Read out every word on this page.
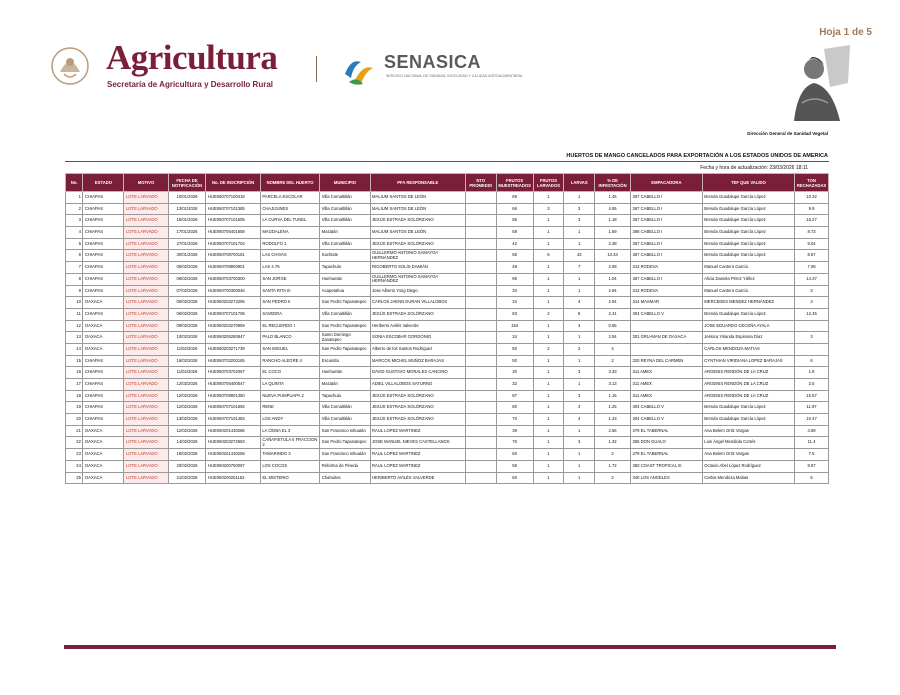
Hoja 1 de 5
Agricultura
Secretaría de Agricultura y Desarrollo Rural
SENASICA
SERVICIO NACIONAL DE SANIDAD, INOCUIDAD Y CALIDAD AGROALIMENTARIA
Dirección General de Sanidad Vegetal
HUERTOS DE MANGO CANCELADOS PARA EXPORTACIÓN A LOS ESTADOS UNIDOS DE AMERICA
Fecha y hora de actualización: 23/03/2026 18:11
No.	ESTADO	MOTIVO	FECHA DE NOTIFICACIÓN	No. DE INSCRIPCIÓN	NOMBRE DEL HUERTO	MUNICIPIO	PFA RESPONSABLE	NTO PROMEDIO	FRUTOS MUESTREADOS	FRUTOS LARVADOS	LARVAS	% DE INFESTACIÓN	EMPACADORA	TEF QUE VALIDO	TON RECHAZADAS
1	CHIAPAS	LOTE LARVADO	10/01/2026	HUE060707100418	PARCELA ESCOLAR	Villa Comaltitlán	MALIUM SANTOS DE LEÓN		69	1	1	1.45	367 CABELLO I	Brenda Guadalupe García López	10.32
2	CHIAPAS	LOTE LARVADO	13/01/2026	HUE060707101385	CHAJIJUNES	Villa Comaltitlán	MALIUM SANTOS DE LEÓN		66	3	3	4.55	367 CABELLO I	Brenda Guadalupe García López	9.9
3	CHIAPAS	LOTE LARVADO	15/01/2026	HUE060707101505	LA CURVA DEL TUNEL	Villa Comaltitlán	JESÚS ESTRADA SOLÓRZANO		85	1	3	1.18	367 CABELLO I	Brenda Guadalupe García López	15.27
4	CHIAPAS	LOTE LARVADO	17/01/2026	HUE060705401658	MAGDALENA	Mazatán	MALIUM SANTOS DE LEÓN		59	1	1	1.69	368 CABELLO I	Brenda Guadalupe García López	8.73
5	CHIAPAS	LOTE LARVADO	27/01/2026	HUE060707101704	RODOLFO 1	Villa Comaltitlán	JESÚS ESTRADA SOLÓRZANO		42	1	1	2.38	367 CABELLO I	Brenda Guadalupe García López	5.04
6	CHIAPAS	LOTE LARVADO	30/01/2026	HUE060708700181	LAS CHIVAS	Suchiate	GUILLERMO ANTONIO SAMAYOA HERNÁNDEZ		58	6	43	10.34	367 CABELLO I	Brenda Guadalupe García López	8.67
7	CHIAPAS	LOTE LARVADO	05/02/2026	HUE060708900901	LAS 4.75	Tapachula	RIGOBERTO SOLÍS DAMIÁN		48	1	7	2.08	312 RODEVA	Manuel Cantero García	7.08
8	CHIAPAS	LOTE LARVADO	06/02/2026	HUE060703700300	SAN JORGE	Huehuetán	GUILLERMO ANTONIO SAMAYOA HERNÁNDEZ		96	1	1	1.04	367 CABELLO I	Alicia Daniela Pérez Yáñez	14.37
9	CHIAPAS	LOTE LARVADO	07/02/2026	HUE060700300046	SANTA RITA III	Acapetahua	Jose Alberto Yong Diego		34	1	1	2.94	312 RODEVA	Manuel Cantero García	3
10	OAXACA	LOTE LARVADO	05/02/2026	HUE060203272295	SAN PEDRO II	San Pedro Tapanatepec	CARLOS JAENN DURAN VILLALOBOS		34	1	4	2.94	314 MASMAR	MERCEDES MENDEZ HERNÁNDEZ	3
11	CHIAPAS	LOTE LARVADO	06/02/2026	HUE060707101708	SAVEDRA	Villa Comaltitlán	JESÚS ESTRADA SOLÓRZANO		83	2	8	2.41	304 CABELLO V	Brenda Guadalupe García López	12.45
12	OAXACA	LOTE LARVADO	09/02/2026	HUE060203270959	EL RECUERDO I	San Pedro Tapanatepec	Heriberto Avilés Valverde		154	1	3	0.65		JOSE EDUARDO CECEÑA AYALA	
13	OAXACA	LOTE LARVADO	10/02/2026	HUE060205250847	PALO BLANCO	Santo Domingo Zanatepec	SONIA ESCOBAR GORGONIO		34	1	1	2.94	301 GRU-MAN DE OAXACA	Jessica Yolanda Espinosa Díaz	3
14	OAXACA	LOTE LARVADO	11/02/2026	HUE060203271739	SAN MIGUEL	San Pedro Tapanatepec	Alberto de los Santos Rodríguez		50	2	2	4		CARLOS MENDOZA MATIAS	
15	CHIAPAS	LOTE LARVADO	16/02/2026	HUE060703200165	RANCHO ALEGRE 4	Escuintla	MARCOS MICHEL MUÑOZ BARAJAS		50	1	1	2	320 REYNA DEL CARMEN	CYNTHIAN VIRIDIANA LOPEZ BARAJAS	6
16	CHIAPAS	LOTE LARVADO	11/02/2026	HUE060703702067	EL COCO	Huehuetán	DAVID GUSTAVO MORALES CANCINO		30	1	3	3.33	311 AMEX	ARGENIS RENDÓN DE LA CRUZ	1.8
17	CHIAPAS	LOTE LARVADO	12/02/2026	HUE060705400547	LA QUINTA	Mazatán	ADIEL VILLALOBOS SATURNO		32	1	1	3.13	311 AMEX	ARGENIS RENDÓN DE LA CRUZ	2.5
18	CHIAPAS	LOTE LARVADO	12/02/2026	HUE060708901350	NUEVA PUMPUAPA 2	Tapachula	JESÚS ESTRADA SOLÓRZANO		87	1	3	1.15	311 AMEX	ARGENIS RENDÓN DE LA CRUZ	15.57
19	CHIAPAS	LOTE LARVADO	12/02/2026	HUE060707101692	RENE	Villa Comaltitlán	JESÚS ESTRADA SOLÓRZANO		80	1	3	1.25	304 CABELLO V	Brenda Guadalupe García López	11.97
20	CHIAPAS	LOTE LARVADO	13/02/2026	HUE060707101483	LOS ANDY	Villa Comaltitlán	JESÚS ESTRADA SOLÓRZANO		70	1	4	1.43	304 CABELLO V	Brenda Guadalupe García López	10.47
21	OAXACA	LOTE LARVADO	12/02/2026	HUE060201430286	LA CEIBA EL 3	San Francisco Ixhuatán	RAUL LOPEZ MARTINEZ		39	1	1	2.56	379 EL TABERNAL	Ana Belem Ortiz Vargas	4.59
22	OAXACA	LOTE LARVADO	14/02/2026	HUE060203272663	CAÑAFISTULA II FRACCION 2	San Pedro Tapanatepec	JOSE MANUEL NIEVES CASTELLANOS		76	1	3	1.32	355 DON GUALO	Luis Ángel Mendiola Cortés	11.4
23	OAXACA	LOTE LARVADO	18/02/2026	HUE060201430258	TAMARINDO 3	San Francisco Ixhuatán	RAUL LOPEZ MARTINEZ		50	1	1	2	379 EL TABERNAL	Ana Belem Ortiz Vargas	7.5
24	OAXACA	LOTE LARVADO	20/02/2026	HUE060200750097	LOS COCOS	Reforma de Pineda	RAUL LOPEZ MARTINEZ		58	1	1	1.72	350 COAST TROPICAL III	Octavio Abel López Rodríguez	8.67
25	OAXACA	LOTE LARVADO	21/02/2026	HUE060200251162	EL MISTERIO	Chahuites	HERIBERTO AVILÉS VALVERDE		50	1	1	2	340 LOS ANGELES	Carlos Mendoza Matias	6
